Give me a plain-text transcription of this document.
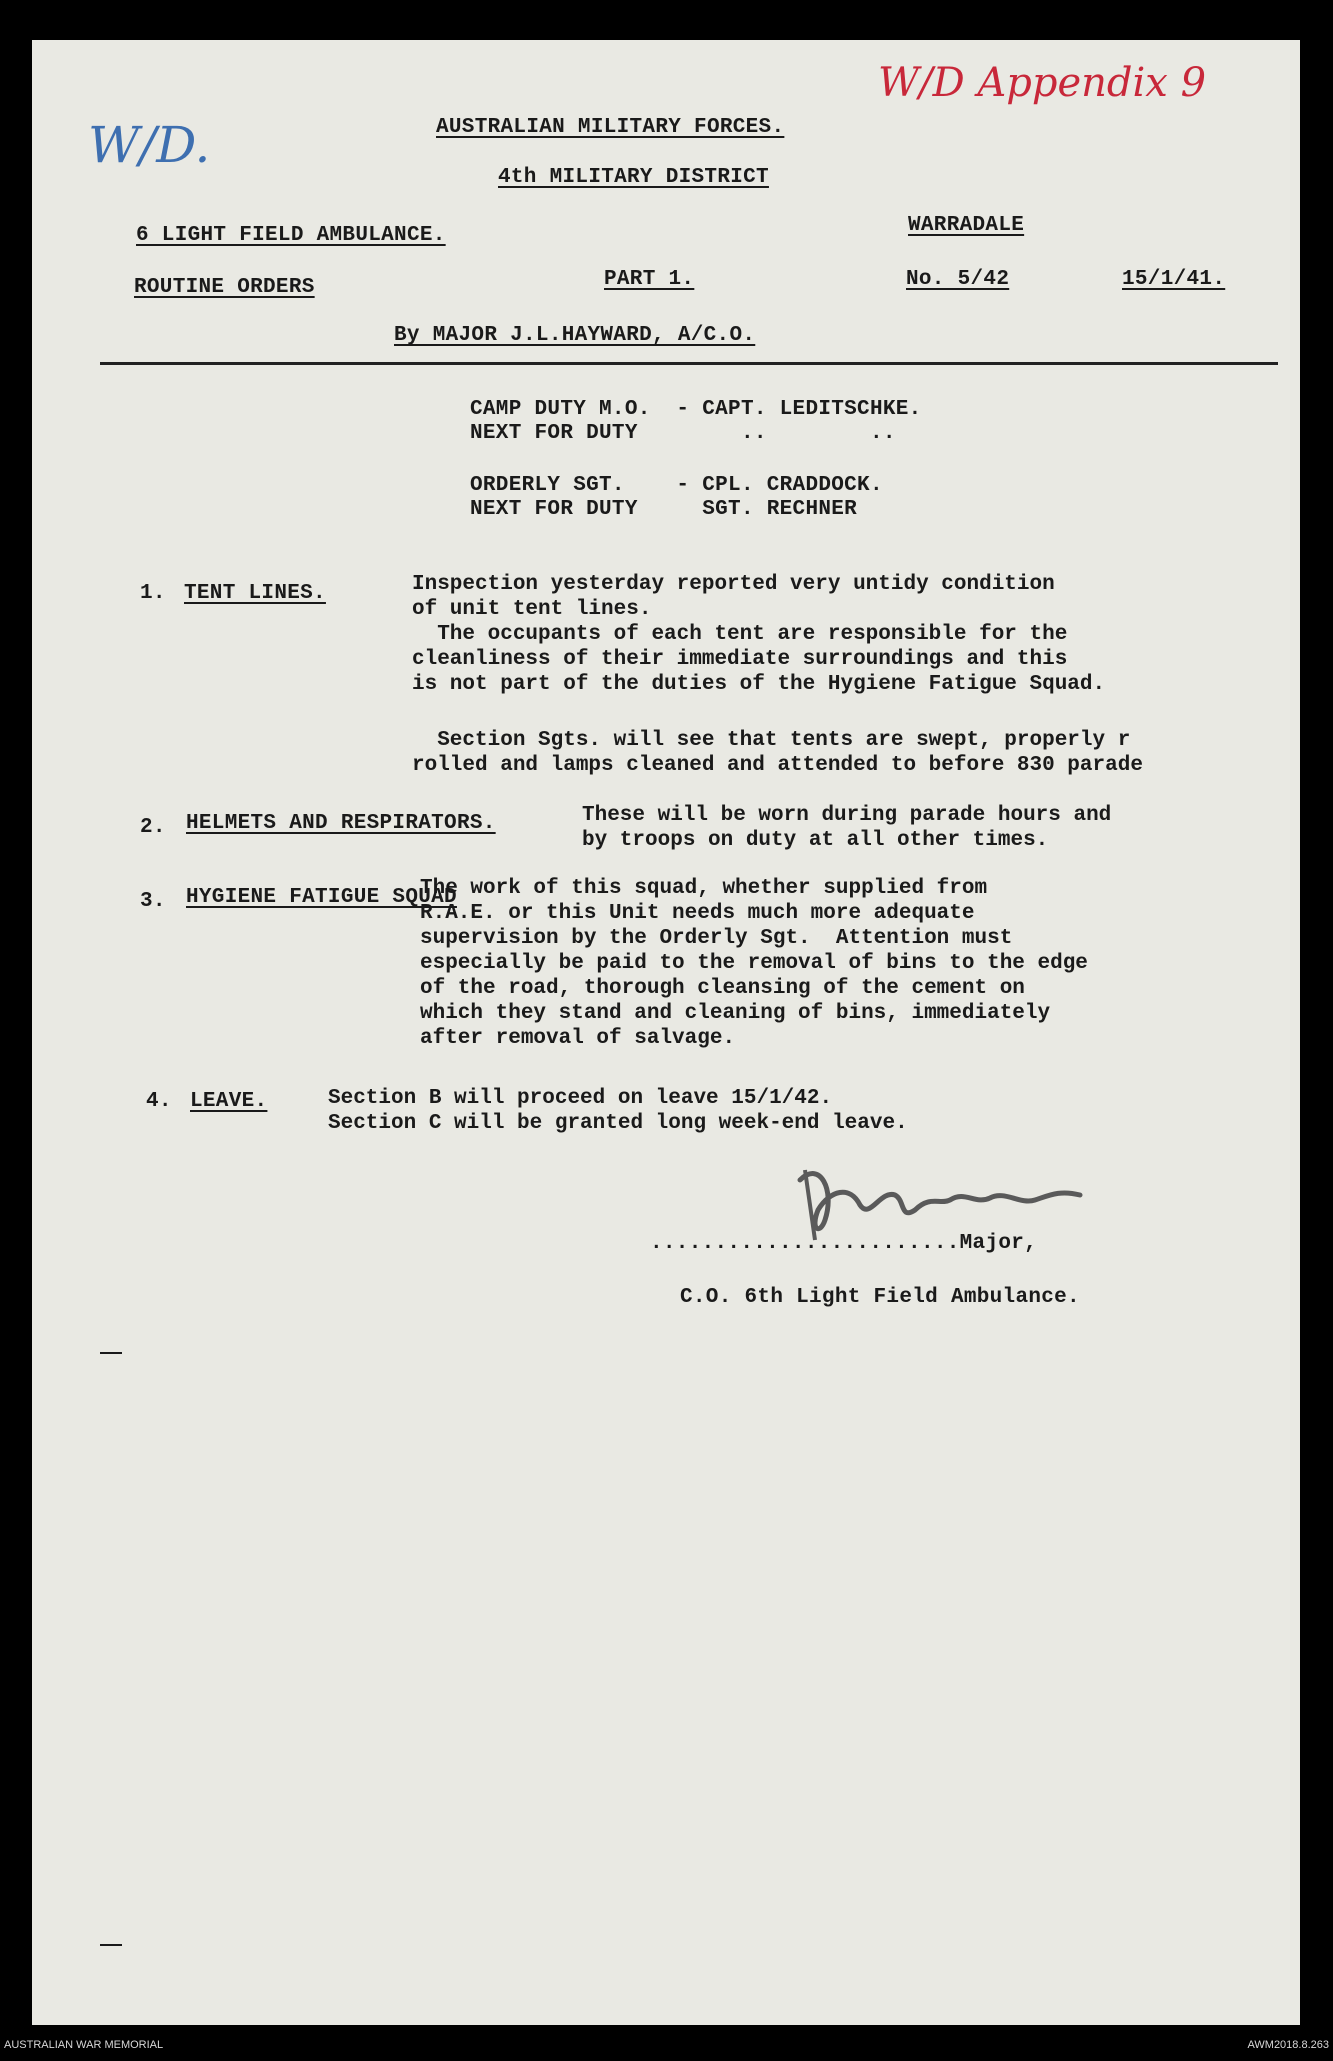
W/D Appendix 9
W/D.	AUSTRALIAN MILITARY FORCES.
4th MILITARY DISTRICT
6 LIGHT FIELD AMBULANCE.	WARRADALE
ROUTINE ORDERS	PART 1.	No. 5/42	15/1/41.
By MAJOR J.L.HAYWARD, A/C.O.
CAMP DUTY M.O.  - CAPT. LEDITSCHKE.
NEXT FOR DUTY        ..        ..
ORDERLY SGT.    - CPL. CRADDOCK.
NEXT FOR DUTY     SGT. RECHNER
1. TENT LINES.	Inspection yesterday reported very untidy condition
of unit tent lines.
The occupants of each tent are responsible for the
cleanliness of their immediate surroundings and this
is not part of the duties of the Hygiene Fatigue Squad.
Section Sgts. will see that tents are swept, properly r
rolled and lamps cleaned and attended to before 830 parade
2. HELMETS AND RESPIRATORS.	These will be worn during parade hours and
by troops on duty at all other times.
3. HYGIENE FATIGUE SQUAD
The work of this squad, whether supplied from
R.A.E. or this Unit needs much more adequate
supervision by the Orderly Sgt.  Attention must
especially be paid to the removal of bins to the edge
of the road, thorough cleansing of the cement on
which they stand and cleaning of bins, immediately
after removal of salvage.
4. LEAVE.	Section B will proceed on leave 15/1/42.
Section C will be granted long week-end leave.
........................Major,
C.O. 6th Light Field Ambulance.
AUSTRALIAN WAR MEMORIAL	AWM2018.8.263
